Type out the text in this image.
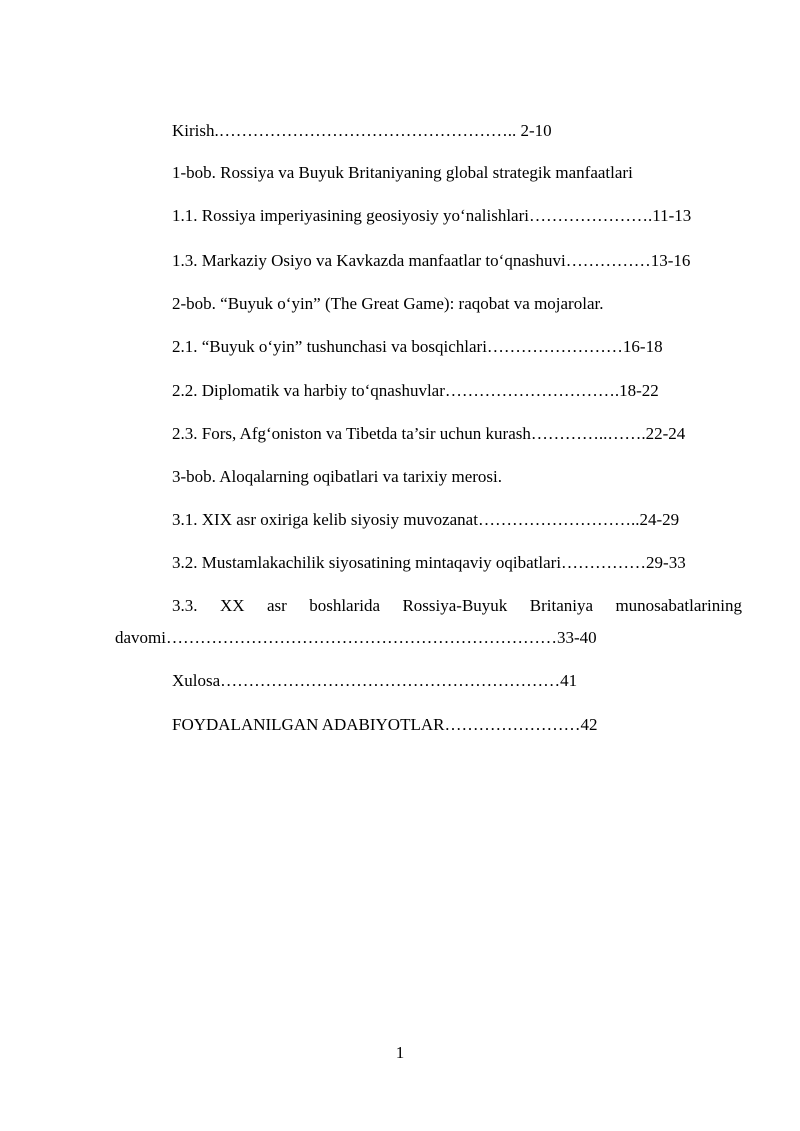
Kirish.…………………………………………….. 2-10
1-bob. Rossiya va Buyuk Britaniyaning global strategik manfaatlari
1.1. Rossiya imperiyasining geosiyosiy yo‘nalishlari………………….11-13
1.3. Markaziy Osiyo va Kavkazda manfaatlar to‘qnashuvi……………13-16
2-bob. “Buyuk o‘yin” (The Great Game): raqobat va mojarolar.
2.1. “Buyuk o‘yin” tushunchasi va bosqichlari……………………16-18
2.2. Diplomatik va harbiy to‘qnashuvlar………………………….18-22
2.3. Fors, Afg‘oniston va Tibetda ta’sir uchun kurash…………..…….22-24
3-bob. Aloqalarning oqibatlari va tarixiy merosi.
3.1. XIX asr oxiriga kelib siyosiy muvozanat………………………..24-29
3.2. Mustamlakachilik siyosatining mintaqaviy oqibatlari……………29-33
3.3. XX asr boshlarida Rossiya-Buyuk Britaniya munosabatlarining
davomi……………………………………………………………33-40
Xulosa……………………………………………………41
FOYDALANILGAN ADABIYOTLAR……………………42
1
